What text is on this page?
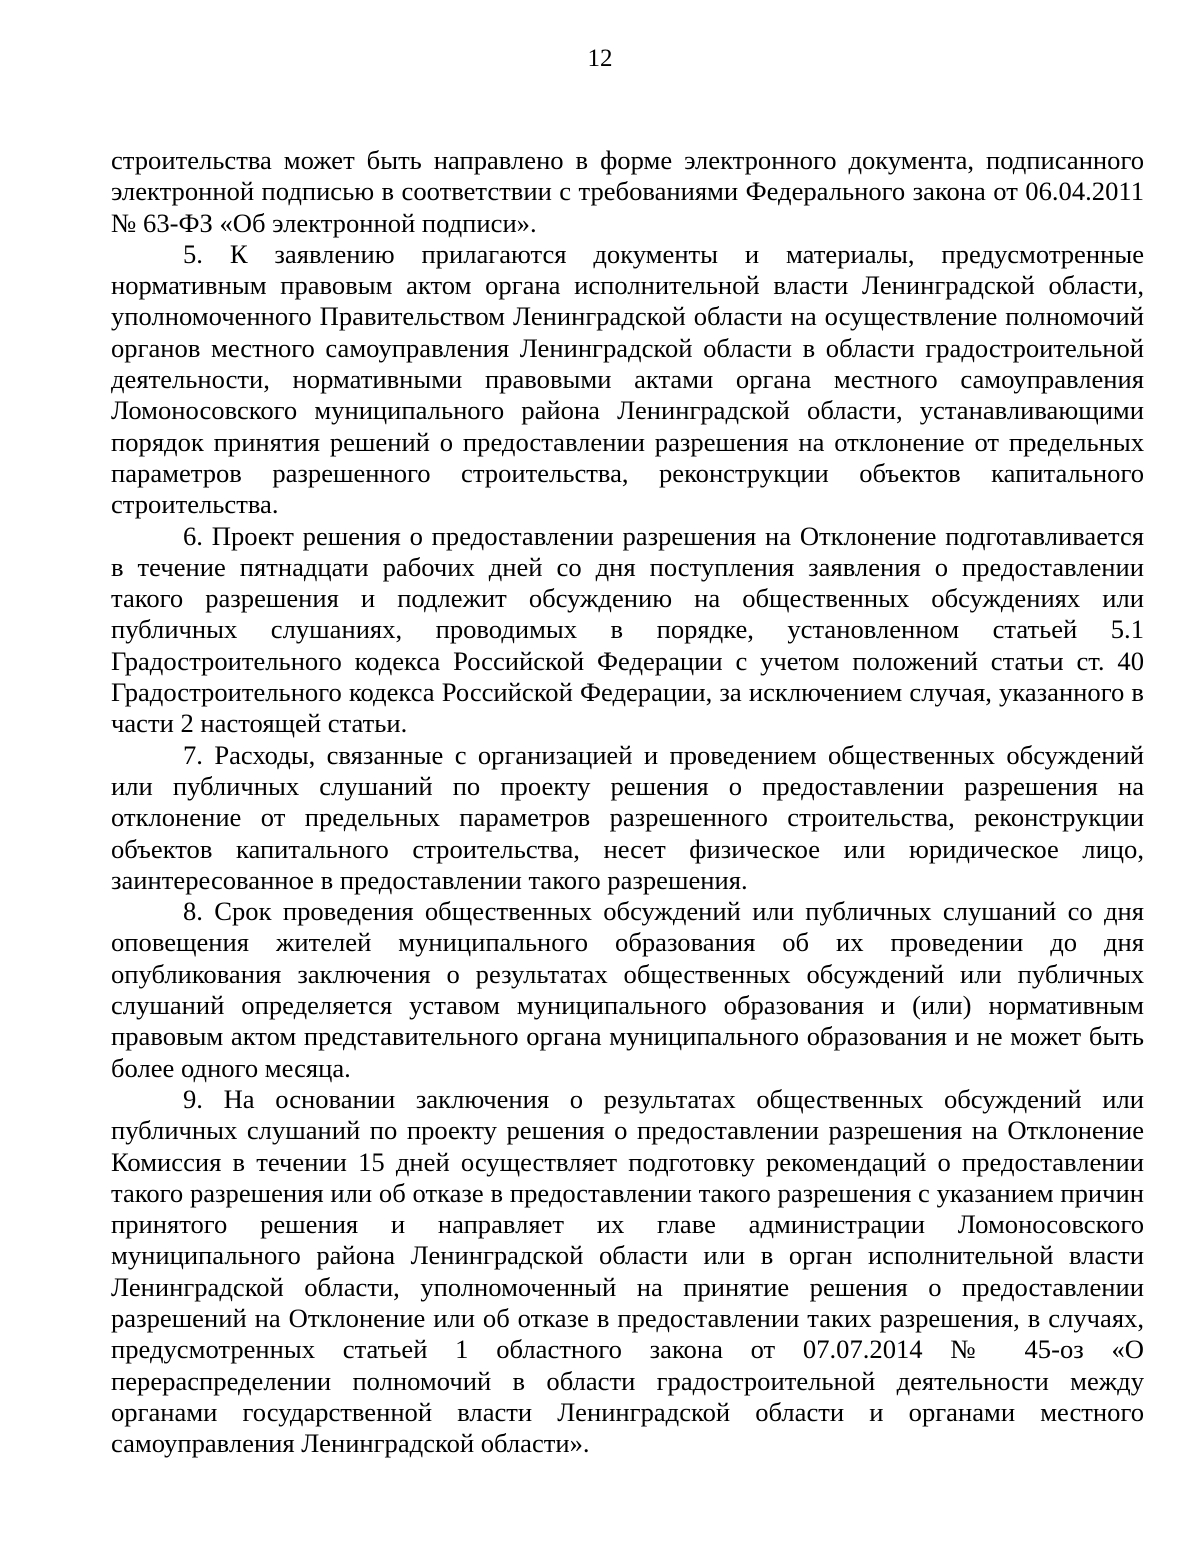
12

строительства может быть направлено в форме электронного документа, подписанного электронной подписью в соответствии с требованиями Федерального закона от 06.04.2011 № 63-ФЗ «Об электронной подписи».

5. К заявлению прилагаются документы и материалы, предусмотренные нормативным правовым актом органа исполнительной власти Ленинградской области, уполномоченного Правительством Ленинградской области на осуществление полномочий органов местного самоуправления Ленинградской области в области градостроительной деятельности, нормативными правовыми актами органа местного самоуправления Ломоносовского муниципального района Ленинградской области, устанавливающими порядок принятия решений о предоставлении разрешения на отклонение от предельных параметров разрешенного строительства, реконструкции объектов капитального строительства.

6. Проект решения о предоставлении разрешения на Отклонение подготавливается в течение пятнадцати рабочих дней со дня поступления заявления о предоставлении такого разрешения и подлежит обсуждению на общественных обсуждениях или публичных слушаниях, проводимых в порядке, установленном статьей 5.1 Градостроительного кодекса Российской Федерации с учетом положений статьи ст. 40 Градостроительного кодекса Российской Федерации, за исключением случая, указанного в части 2 настоящей статьи.

7. Расходы, связанные с организацией и проведением общественных обсуждений или публичных слушаний по проекту решения о предоставлении разрешения на отклонение от предельных параметров разрешенного строительства, реконструкции объектов капитального строительства, несет физическое или юридическое лицо, заинтересованное в предоставлении такого разрешения.

8. Срок проведения общественных обсуждений или публичных слушаний со дня оповещения жителей муниципального образования об их проведении до дня опубликования заключения о результатах общественных обсуждений или публичных слушаний определяется уставом муниципального образования и (или) нормативным правовым актом представительного органа муниципального образования и не может быть более одного месяца.

9. На основании заключения о результатах общественных обсуждений или публичных слушаний по проекту решения о предоставлении разрешения на Отклонение Комиссия в течении 15 дней осуществляет подготовку рекомендаций о предоставлении такого разрешения или об отказе в предоставлении такого разрешения с указанием причин принятого решения и направляет их главе администрации Ломоносовского муниципального района Ленинградской области или в орган исполнительной власти Ленинградской области, уполномоченный на принятие решения о предоставлении разрешений на Отклонение или об отказе в предоставлении таких разрешения, в случаях, предусмотренных статьей 1 областного закона от 07.07.2014 № 45-оз «О перераспределении полномочий в области градостроительной деятельности между органами государственной власти Ленинградской области и органами местного самоуправления Ленинградской области».
